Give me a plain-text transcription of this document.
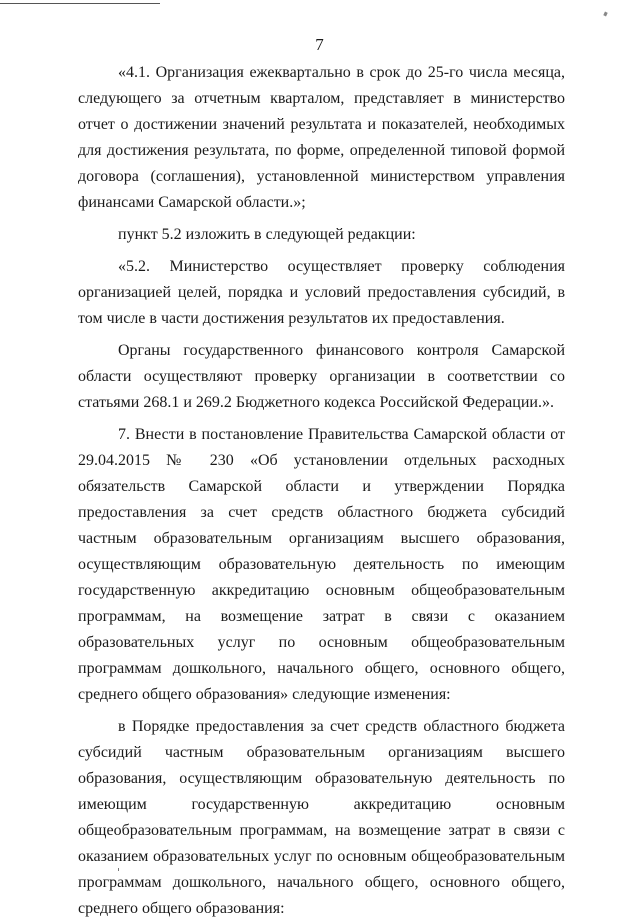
7

«4.1. Организация ежеквартально в срок до 25-го числа месяца, следующего за отчетным кварталом, представляет в министерство отчет о достижении значений результата и показателей, необходимых для достижения результата, по форме, определенной типовой формой договора (соглашения), установленной министерством управления финансами Самарской области.»;

пункт 5.2 изложить в следующей редакции:

«5.2. Министерство осуществляет проверку соблюдения организацией целей, порядка и условий предоставления субсидий, в том числе в части достижения результатов их предоставления.

Органы государственного финансового контроля Самарской области осуществляют проверку организации в соответствии со статьями 268.1 и 269.2 Бюджетного кодекса Российской Федерации.».

7. Внести в постановление Правительства Самарской области от 29.04.2015 № 230 «Об установлении отдельных расходных обязательств Самарской области и утверждении Порядка предоставления за счет средств областного бюджета субсидий частным образовательным организациям высшего образования, осуществляющим образовательную деятельность по имеющим государственную аккредитацию основным общеобразовательным программам, на возмещение затрат в связи с оказанием образовательных услуг по основным общеобразовательным программам дошкольного, начального общего, основного общего, среднего общего образования» следующие изменения:

в Порядке предоставления за счет средств областного бюджета субсидий частным образовательным организациям высшего образования, осуществляющим образовательную деятельность по имеющим государственную аккредитацию основным общеобразовательным программам, на возмещение затрат в связи с оказанием образовательных услуг по основным общеобразовательным программам дошкольного, начального общего, основного общего, среднего общего образования:
